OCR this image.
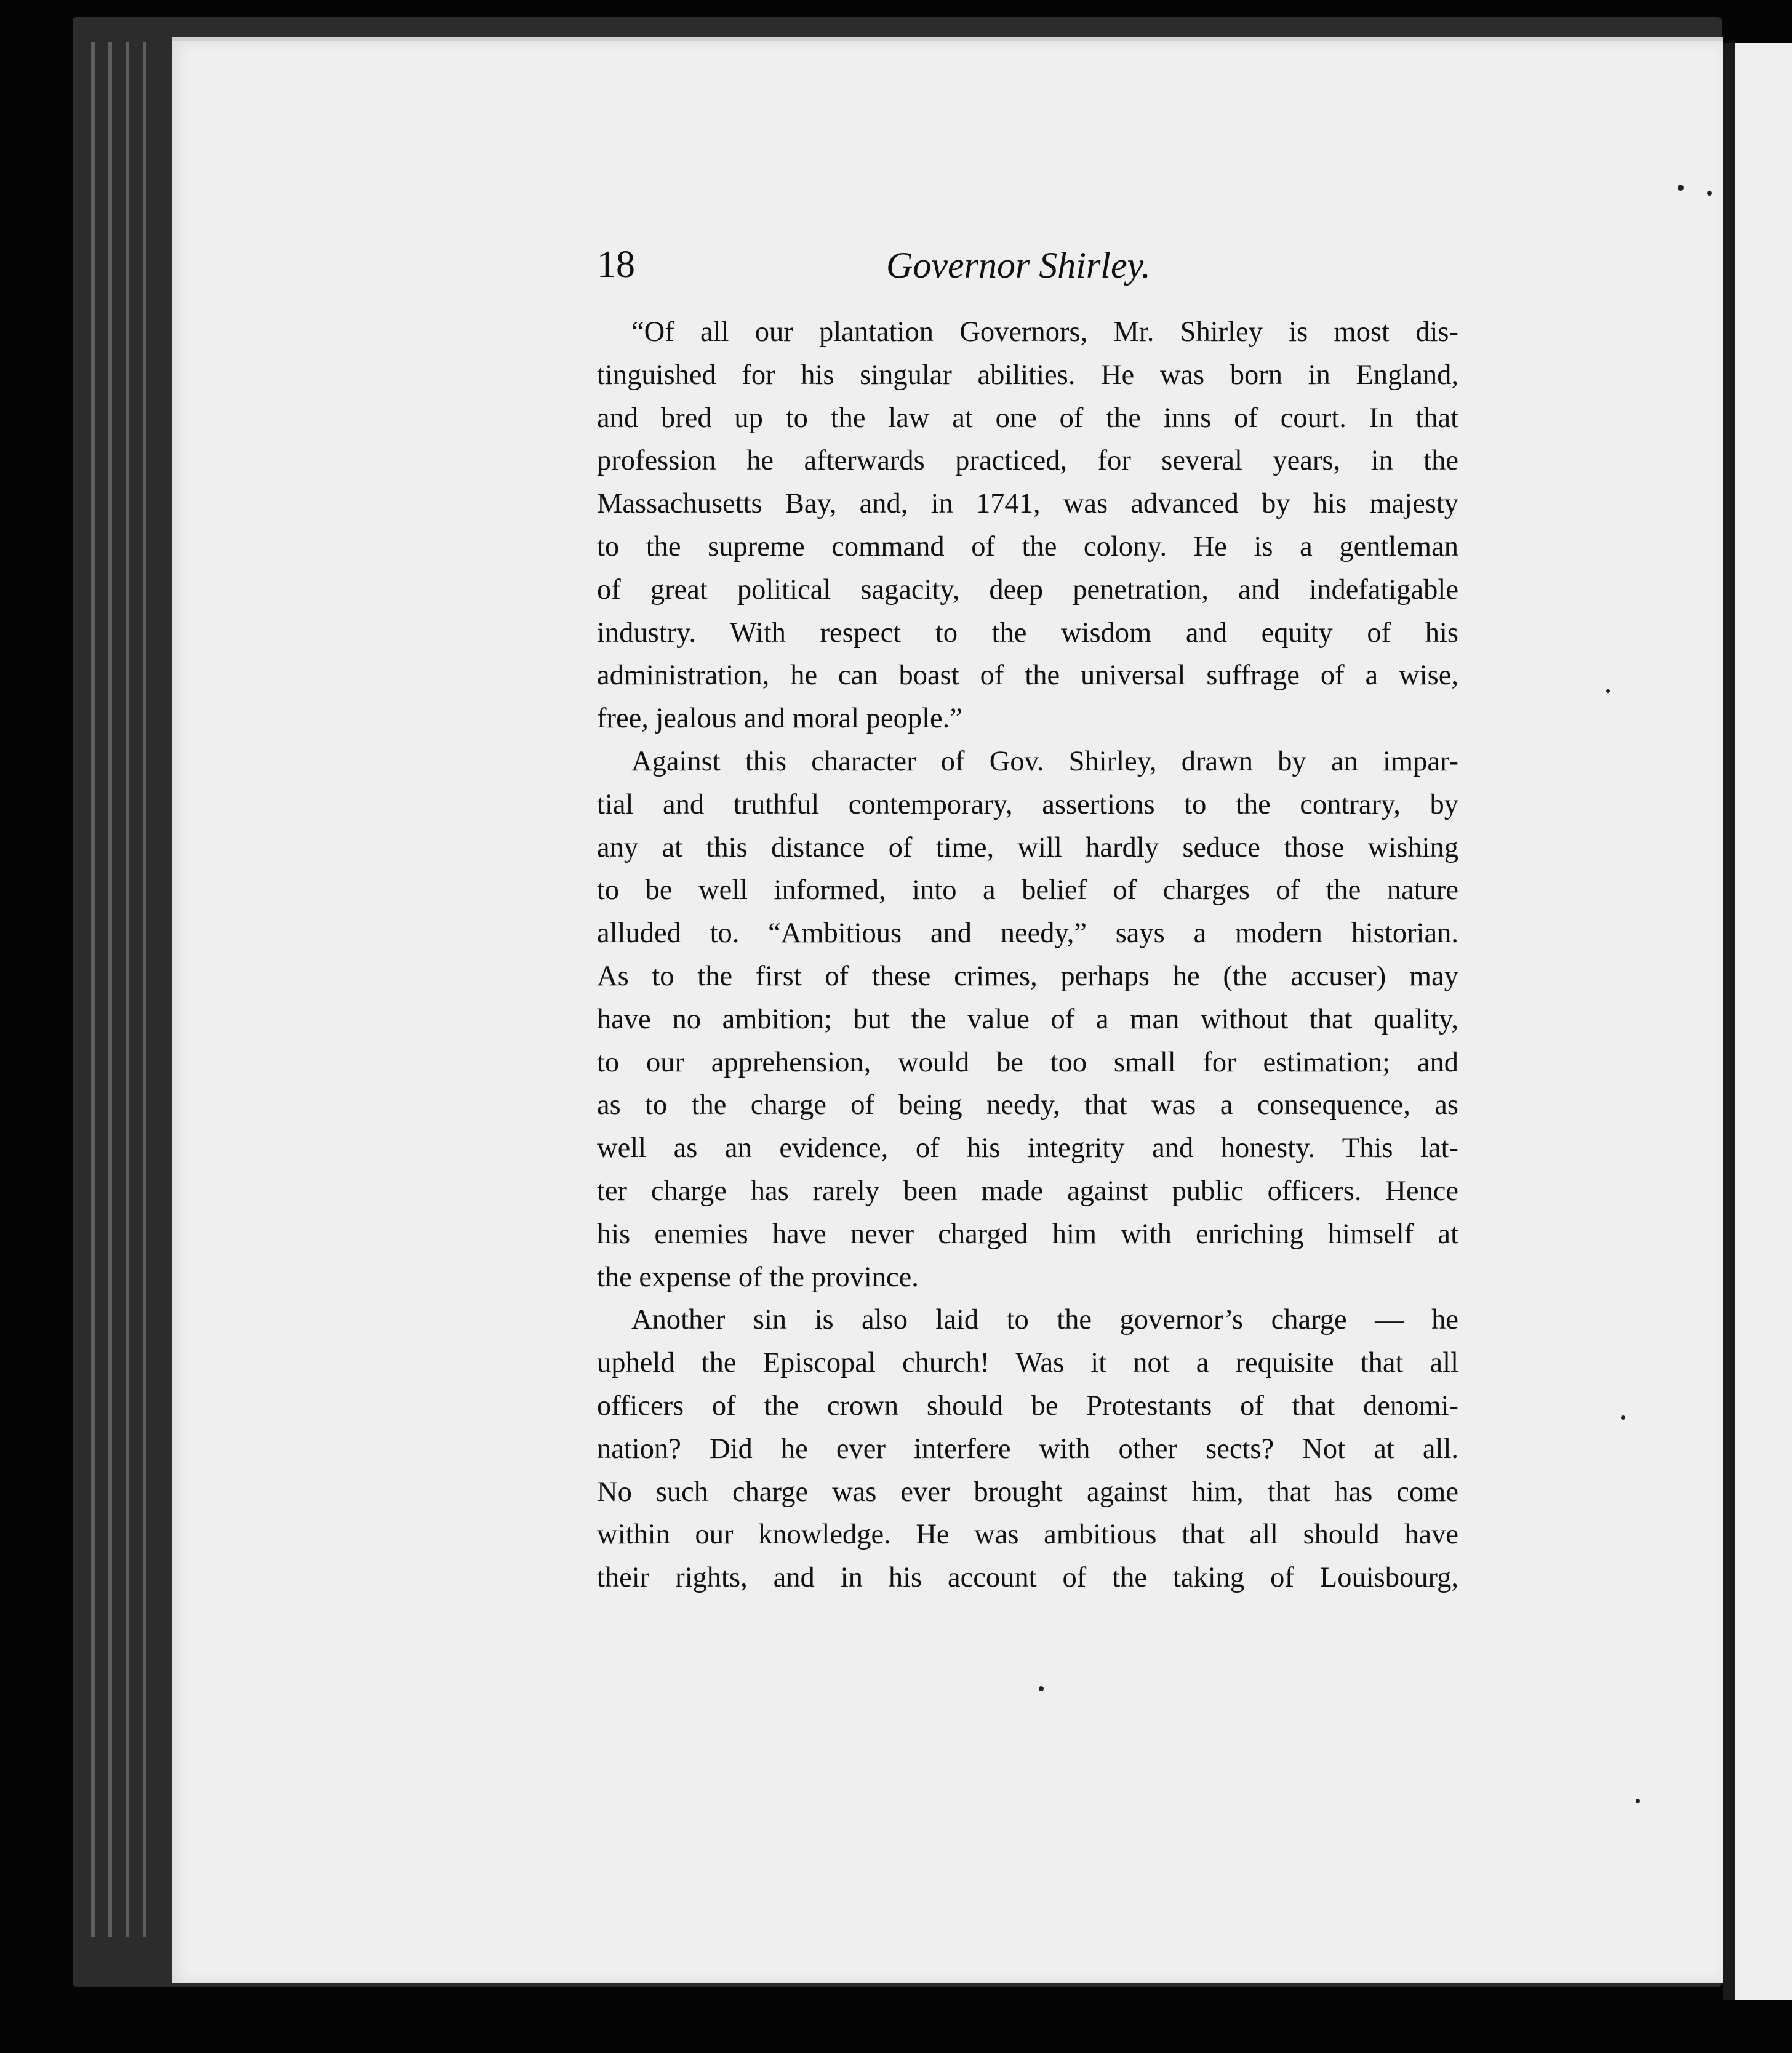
18	Governor Shirley.
“Of all our plantation Governors, Mr. Shirley is most dis-
tinguished for his singular abilities. He was born in England,
and bred up to the law at one of the inns of court. In that
profession he afterwards practiced, for several years, in the
Massachusetts Bay, and, in 1741, was advanced by his majesty
to the supreme command of the colony. He is a gentleman
of great political sagacity, deep penetration, and indefatigable
industry. With respect to the wisdom and equity of his
administration, he can boast of the universal suffrage of a wise,
free, jealous and moral people.”
Against this character of Gov. Shirley, drawn by an impar-
tial and truthful contemporary, assertions to the contrary, by
any at this distance of time, will hardly seduce those wishing
to be well informed, into a belief of charges of the nature
alluded to. “Ambitious and needy,” says a modern historian.
As to the first of these crimes, perhaps he (the accuser) may
have no ambition; but the value of a man without that quality,
to our apprehension, would be too small for estimation; and
as to the charge of being needy, that was a consequence, as
well as an evidence, of his integrity and honesty. This lat-
ter charge has rarely been made against public officers. Hence
his enemies have never charged him with enriching himself at
the expense of the province.
Another sin is also laid to the governor’s charge — he
upheld the Episcopal church! Was it not a requisite that all
officers of the crown should be Protestants of that denomi-
nation? Did he ever interfere with other sects? Not at all.
No such charge was ever brought against him, that has come
within our knowledge. He was ambitious that all should have
their rights, and in his account of the taking of Louisbourg,
